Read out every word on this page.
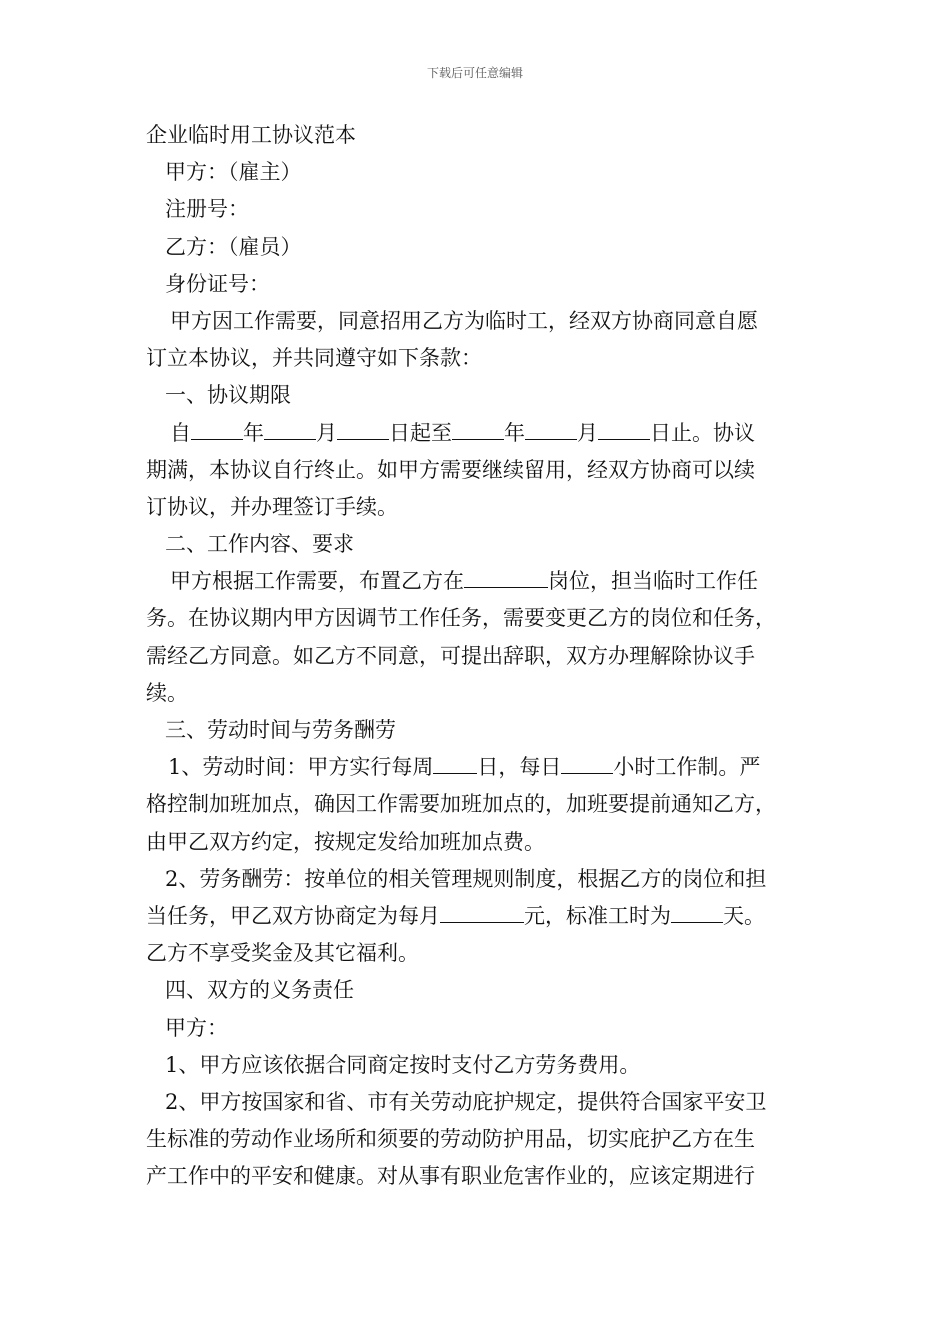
下载后可任意编辑
企业临时用工协议范本
甲方：（雇主）
注册号：
乙方：（雇员）
身份证号：
甲方因工作需要，同意招用乙方为临时工，经双方协商同意自愿
订立本协议，并共同遵守如下条款：
一、协议期限
自 年 月 日起至 年 月 日止。协议
期满，本协议自行终止。如甲方需要继续留用，经双方协商可以续
订协议，并办理签订手续。
二、工作内容、要求
甲方根据工作需要，布置乙方在	岗位，担当临时工作任
务。在协议期内甲方因调节工作任务，需要变更乙方的岗位和任务，
需经乙方同意。如乙方不同意，可提出辞职，双方办理解除协议手
续。
三、劳动时间与劳务酬劳
1、劳动时间：甲方实行每周 日，每日 小时工作制。严
格控制加班加点，确因工作需要加班加点的，加班要提前通知乙方，
由甲乙双方约定，按规定发给加班加点费。
2、劳务酬劳：按单位的相关管理规则制度，根据乙方的岗位和担
当任务，甲乙双方协商定为每月	元，标准工时为 天。
乙方不享受奖金及其它福利。
四、双方的义务责任
甲方：
1、甲方应该依据合同商定按时支付乙方劳务费用。
2、甲方按国家和省、市有关劳动庇护规定，提供符合国家平安卫
生标准的劳动作业场所和须要的劳动防护用品，切实庇护乙方在生
产工作中的平安和健康。对从事有职业危害作业的，应该定期进行
